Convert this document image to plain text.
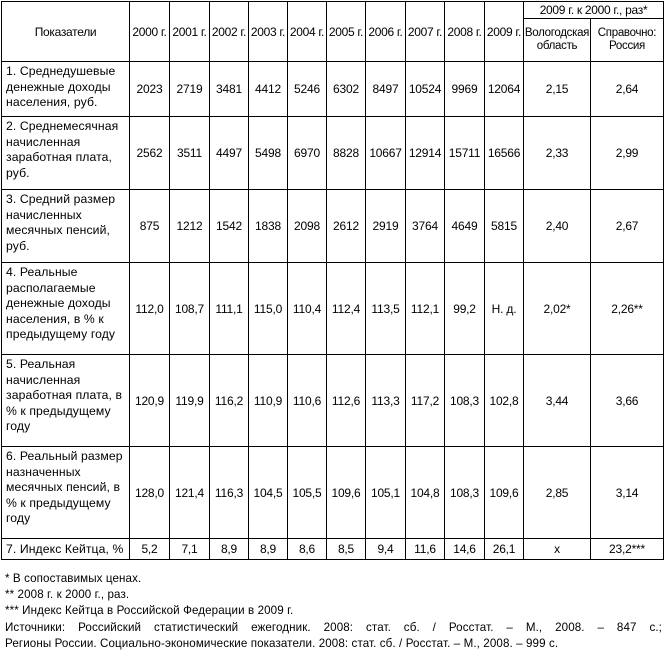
Показатели	2000 г.	2001 г.	2002 г.	2003 г.	2004 г.	2005 г.	2006 г.	2007 г.	2008 г.	2009 г.	2009 г. к 2000 г., раз*	
											Вологодская область	Справочно: Россия
1. Среднедушевые денежные доходы населения, руб.	2023	2719	3481	4412	5246	6302	8497	10524	9969	12064	2,15	2,64
2. Среднемесячная начисленная заработная плата, руб.	2562	3511	4497	5498	6970	8828	10667	12914	15711	16566	2,33	2,99
3. Средний размер начисленных месячных пенсий, руб.	875	1212	1542	1838	2098	2612	2919	3764	4649	5815	2,40	2,67
4. Реальные располагаемые денежные доходы населения, в % к предыдущему году	112,0	108,7	111,1	115,0	110,4	112,4	113,5	112,1	99,2	Н. д.	2,02*	2,26**
5. Реальная начисленная заработная плата, в % к предыдущему году	120,9	119,9	116,2	110,9	110,6	112,6	113,3	117,2	108,3	102,8	3,44	3,66
6. Реальный размер назначенных месячных пенсий, в % к предыдущему году	128,0	121,4	116,3	104,5	105,5	109,6	105,1	104,8	108,3	109,6	2,85	3,14
7. Индекс Кейтца, %	5,2	7,1	8,9	8,9	8,6	8,5	9,4	11,6	14,6	26,1	х	23,2***
* В сопоставимых ценах.
** 2008 г. к 2000 г., раз.
*** Индекс Кейтца в Российской Федерации в 2009 г.
Источники: Российский статистический ежегодник. 2008: стат. сб. / Росстат. – М., 2008. – 847 с.;
Регионы России. Социально-экономические показатели. 2008: стат. сб. / Росстат. – М., 2008. – 999 с.
